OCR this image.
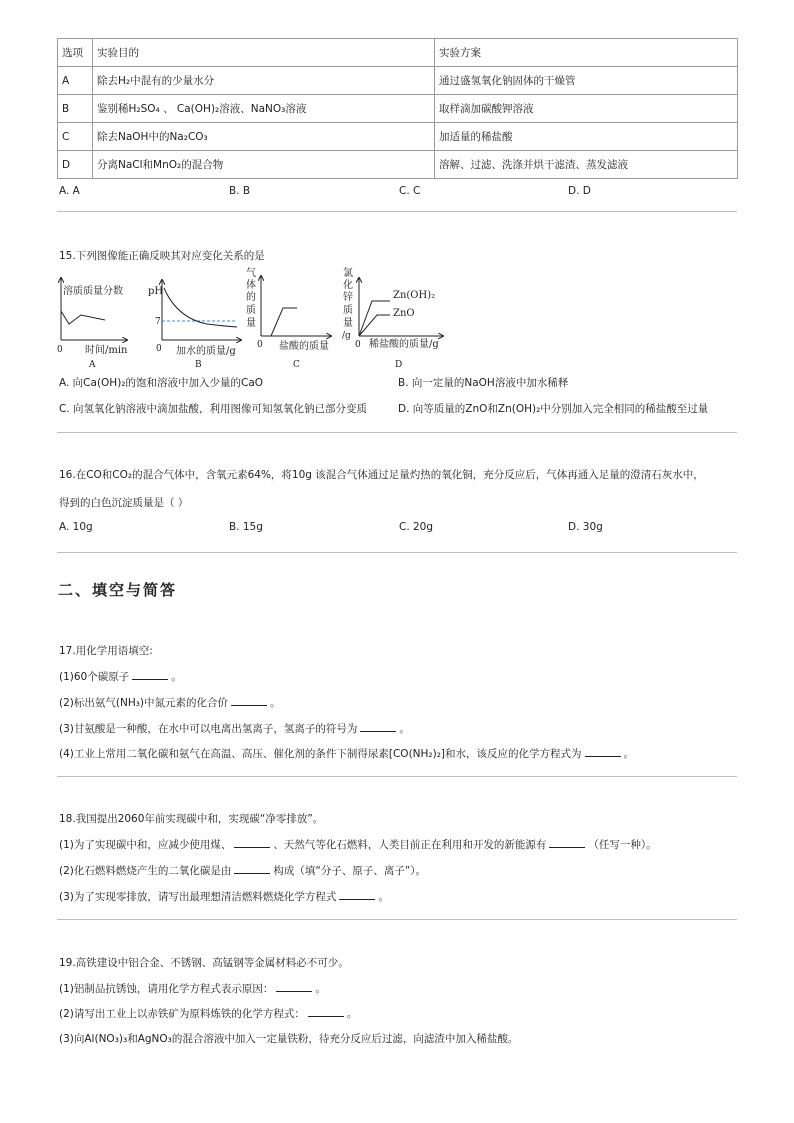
选项	实验目的	实验方案
A	除去H₂中混有的少量水分	通过盛氢氧化钠固体的干燥管
B	鉴别稀H₂SO₄ 、 Ca(OH)₂溶液、NaNO₃溶液	取样滴加碳酸钾溶液
C	除去NaOH中的Na₂CO₃	加适量的稀盐酸
D	分离NaCl和MnO₂的混合物	溶解、过滤、洗涤并烘干滤渣、蒸发滤液
A. A	B. B	C. C	D. D
15.下列图像能正确反映其对应变化关系的是
溶质质量分数
0 时间/min
A
pH
7
0 加水的质量/g
B
气
体
的
质
量
0 盐酸的质量
C
氯
化
锌
质
量
/g
Zn(OH)₂
ZnO
0 稀盐酸的质量/g
D
A. 向Ca(OH)₂的饱和溶液中加入少量的CaO	B. 向一定量的NaOH溶液中加水稀释
C. 向氢氧化钠溶液中滴加盐酸，利用图像可知氢氧化钠已部分变质	D. 向等质量的ZnO和Zn(OH)₂中分别加入完全相同的稀盐酸至过量
16.在CO和CO₂的混合气体中，含氧元素64%，将10g 该混合气体通过足量灼热的氧化铜，充分反应后，气体再通入足量的澄清石灰水中，
得到的白色沉淀质量是（ ）
A. 10g	B. 15g	C. 20g	D. 30g
二、填空与简答
17.用化学用语填空:
(1)60个碳原子	。
(2)标出氨气(NH₃)中氮元素的化合价	。
(3)甘氨酸是一种酸，在水中可以电离出氢离子，氢离子的符号为	。
(4)工业上常用二氧化碳和氨气在高温、高压、催化剂的条件下制得尿素[CO(NH₂)₂]和水，该反应的化学方程式为	。
18.我国提出2060年前实现碳中和，实现碳“净零排放”。
(1)为了实现碳中和，应减少使用煤、	、天然气等化石燃料，人类目前正在利用和开发的新能源有	（任写一种）。
(2)化石燃料燃烧产生的二氧化碳是由	构成（填“分子、原子、离子”）。
(3)为了实现零排放，请写出最理想清洁燃料燃烧化学方程式	。
19.高铁建设中铝合金、不锈钢、高锰钢等金属材料必不可少。
(1)铝制品抗锈蚀，请用化学方程式表示原因：	。
(2)请写出工业上以赤铁矿为原料炼铁的化学方程式：	。
(3)向Al(NO₃)₃和AgNO₃的混合溶液中加入一定量铁粉，待充分反应后过滤，向滤渣中加入稀盐酸。
